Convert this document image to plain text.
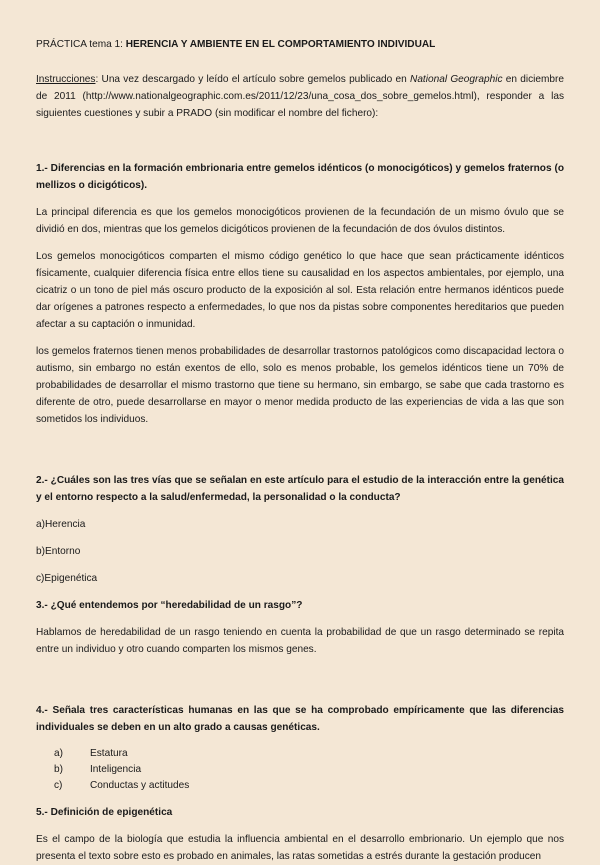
PRÁCTICA tema 1: HERENCIA Y AMBIENTE EN EL COMPORTAMIENTO INDIVIDUAL

Instrucciones: Una vez descargado y leído el artículo sobre gemelos publicado en National Geographic en diciembre de 2011 (http://www.nationalgeographic.com.es/2011/12/23/una_cosa_dos_sobre_gemelos.html), responder a las siguientes cuestiones y subir a PRADO (sin modificar el nombre del fichero):

1.- Diferencias en la formación embrionaria entre gemelos idénticos (o monocigóticos) y gemelos fraternos (o mellizos o dicigóticos).

La principal diferencia es que los gemelos monocigóticos provienen de la fecundación de un mismo óvulo que se dividió en dos, mientras que los gemelos dicigóticos provienen de la fecundación de dos óvulos distintos.

Los gemelos monocigóticos comparten el mismo código genético lo que hace que sean prácticamente idénticos físicamente, cualquier diferencia física entre ellos tiene su causalidad en los aspectos ambientales, por ejemplo, una cicatriz o un tono de piel más oscuro producto de la exposición al sol. Esta relación entre hermanos idénticos puede dar orígenes a patrones respecto a enfermedades, lo que nos da pistas sobre componentes hereditarios que pueden afectar a su captación o inmunidad.

los gemelos fraternos tienen menos probabilidades de desarrollar trastornos patológicos como discapacidad lectora o autismo, sin embargo no están exentos de ello, solo es menos probable, los gemelos idénticos tiene un 70% de probabilidades de desarrollar el mismo trastorno que tiene su hermano, sin embargo, se sabe que cada trastorno es diferente de otro, puede desarrollarse en mayor o menor medida producto de las experiencias de vida a las que son sometidos los individuos.

2.- ¿Cuáles son las tres vías que se señalan en este artículo para el estudio de la interacción entre la genética y el entorno respecto a la salud/enfermedad, la personalidad o la conducta?

a)Herencia

b)Entorno

c)Epigenética

3.- ¿Qué entendemos por “heredabilidad de un rasgo”?

Hablamos de heredabilidad de un rasgo teniendo en cuenta la probabilidad de que un rasgo determinado se repita entre un individuo y otro cuando comparten los mismos genes.

4.- Señala tres características humanas en las que se ha comprobado empíricamente que las diferencias individuales se deben en un alto grado a causas genéticas.

a)	Estatura
b)	Inteligencia
c)	Conductas y actitudes

5.- Definición de epigenética

Es el campo de la biología que estudia la influencia ambiental en el desarrollo embrionario. Un ejemplo que nos presenta el texto sobre esto es probado en animales, las ratas sometidas a estrés durante la gestación producen
